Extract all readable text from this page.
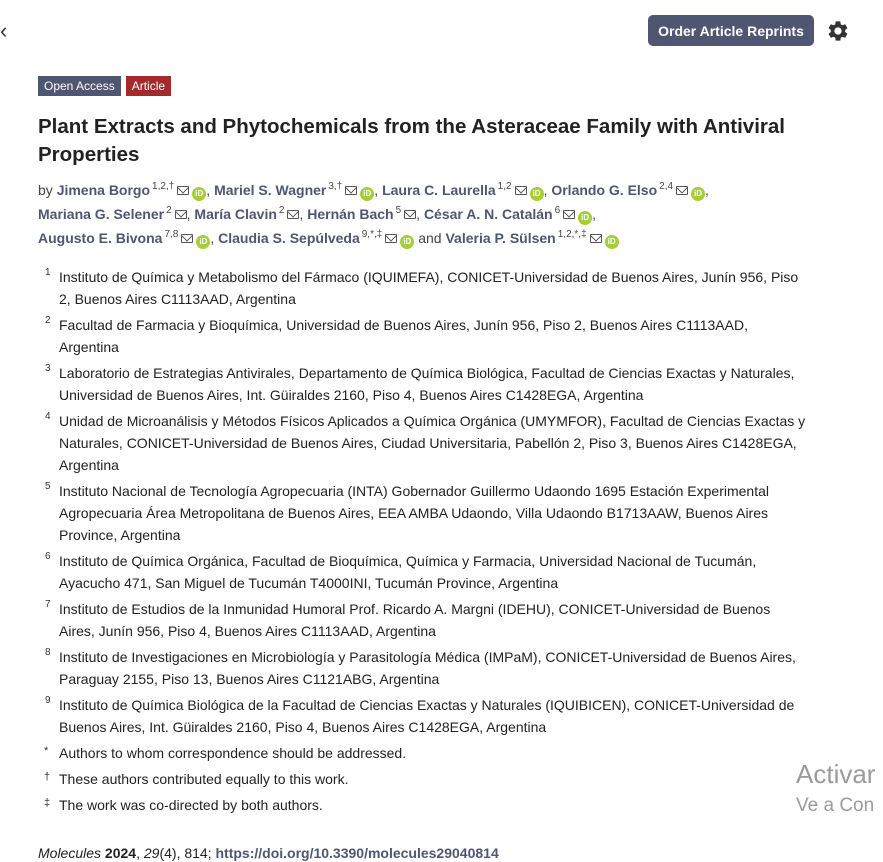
‹	Order Article Reprints
Open Access	Article
Plant Extracts and Phytochemicals from the Asteraceae Family with Antiviral Properties
by Jimena Borgo $^{1,2,\dagger}$iD , Mariel S. Wagner $^{3,\dagger}$iD , Laura C. Laurella $^{1,2}$iD , Orlando G. Elso $^{2,4}$iD ,
Mariana G. Selener $^2$ , María Clavin $^2$ , Hernán Bach $^5$ , César A. N. Catalán $^6$iD ,
Augusto E. Bivona $^{7,8}$iD , Claudia S. Sepúlveda $^{9,*,\ddagger}$iD and Valeria P. Sülsen $^{1,2,*,\ddagger}$iD
1 Instituto de Química y Metabolismo del Fármaco (IQUIMEFA), CONICET-Universidad de Buenos Aires, Junín 956, Piso 2, Buenos Aires C1113AAD, Argentina
2 Facultad de Farmacia y Bioquímica, Universidad de Buenos Aires, Junín 956, Piso 2, Buenos Aires C1113AAD, Argentina
3 Laboratorio de Estrategias Antivirales, Departamento de Química Biológica, Facultad de Ciencias Exactas y Naturales, Universidad de Buenos Aires, Int. Güiraldes 2160, Piso 4, Buenos Aires C1428EGA, Argentina
4 Unidad de Microanálisis y Métodos Físicos Aplicados a Química Orgánica (UMYMFOR), Facultad de Ciencias Exactas y Naturales, CONICET-Universidad de Buenos Aires, Ciudad Universitaria, Pabellón 2, Piso 3, Buenos Aires C1428EGA, Argentina
5 Instituto Nacional de Tecnología Agropecuaria (INTA) Gobernador Guillermo Udaondo 1695 Estación Experimental Agropecuaria Área Metropolitana de Buenos Aires, EEA AMBA Udaondo, Villa Udaondo B1713AAW, Buenos Aires Province, Argentina
6 Instituto de Química Orgánica, Facultad de Bioquímica, Química y Farmacia, Universidad Nacional de Tucumán, Ayacucho 471, San Miguel de Tucumán T4000INI, Tucumán Province, Argentina
7 Instituto de Estudios de la Inmunidad Humoral Prof. Ricardo A. Margni (IDEHU), CONICET-Universidad de Buenos Aires, Junín 956, Piso 4, Buenos Aires C1113AAD, Argentina
8 Instituto de Investigaciones en Microbiología y Parasitología Médica (IMPaM), CONICET-Universidad de Buenos Aires, Paraguay 2155, Piso 13, Buenos Aires C1121ABG, Argentina
9 Instituto de Química Biológica de la Facultad de Ciencias Exactas y Naturales (IQUIBICEN), CONICET-Universidad de Buenos Aires, Int. Güiraldes 2160, Piso 4, Buenos Aires C1428EGA, Argentina
* Authors to whom correspondence should be addressed.
† These authors contributed equally to this work.
‡ The work was co-directed by both authors.
Molecules 2024, 29(4), 814; https://doi.org/10.3390/molecules29040814
Activar
Ve a Con
